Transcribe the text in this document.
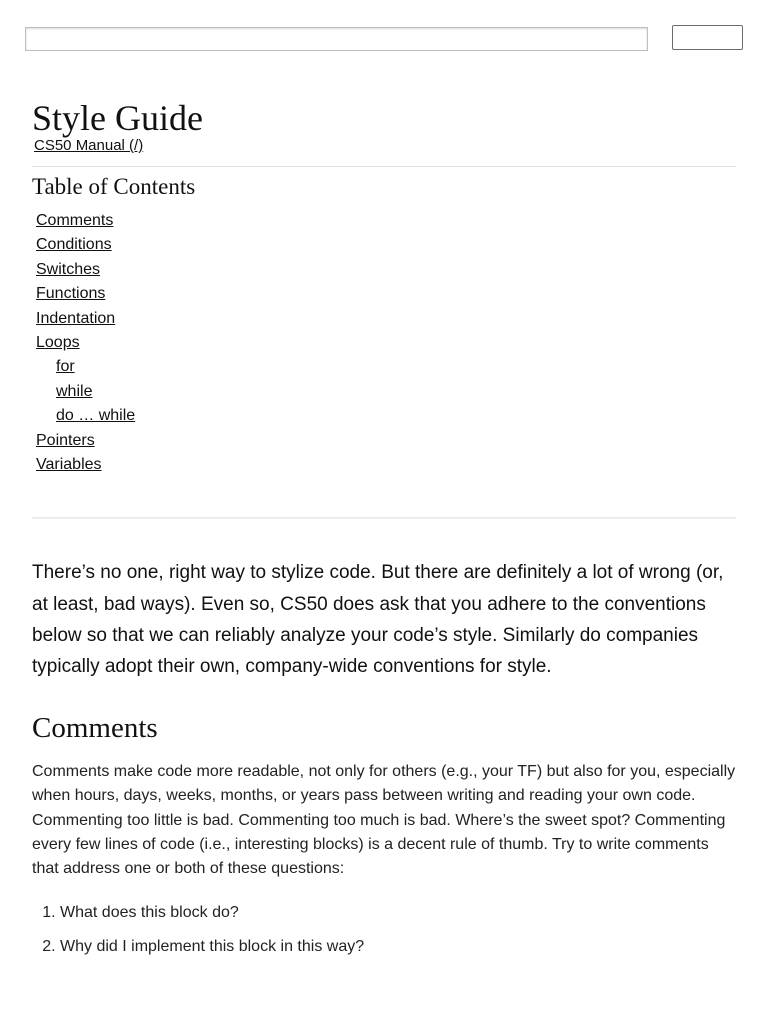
Style Guide
CS50 Manual (/)
Table of Contents
Comments
Conditions
Switches
Functions
Indentation
Loops
for
while
do … while
Pointers
Variables

There’s no one, right way to stylize code. But there are definitely a lot of wrong (or, at least, bad ways). Even so, CS50 does ask that you adhere to the conventions below so that we can reliably analyze your code’s style. Similarly do companies typically adopt their own, company-wide conventions for style.

Comments

Comments make code more readable, not only for others (e.g., your TF) but also for you, especially when hours, days, weeks, months, or years pass between writing and reading your own code. Commenting too little is bad. Commenting too much is bad. Where’s the sweet spot? Commenting every few lines of code (i.e., interesting blocks) is a decent rule of thumb. Try to write comments that address one or both of these questions:

1. What does this block do?
2. Why did I implement this block in this way?
